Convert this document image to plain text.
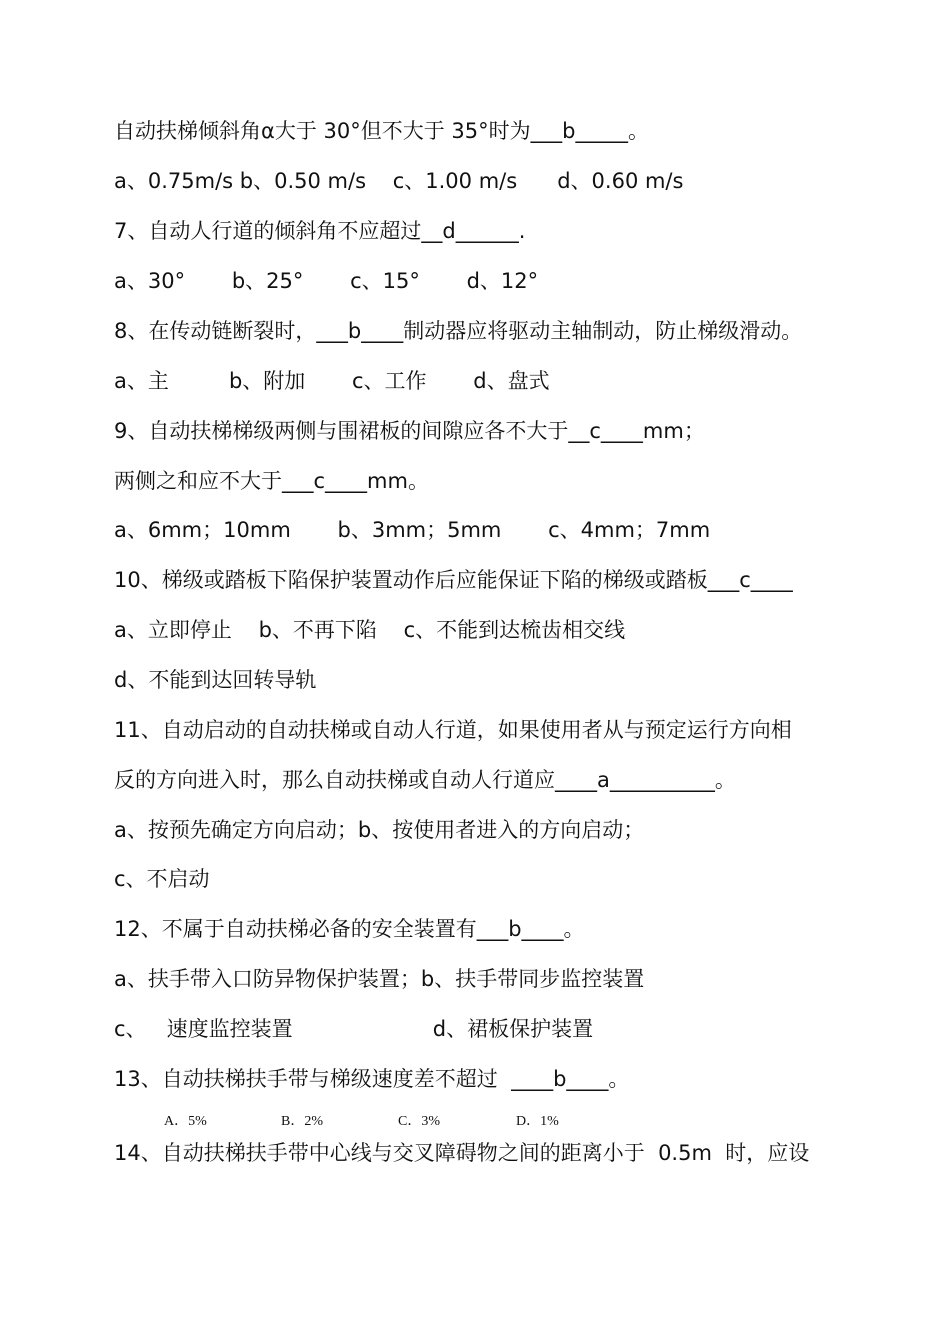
自动扶梯倾斜角α大于 30°但不大于 35°时为___b_____。
a、0.75m/s b、0.50 m/s    c、1.00 m/s      d、0.60 m/s
7、自动人行道的倾斜角不应超过__d______.
a、30°       b、25°       c、15°       d、12°
8、在传动链断裂时，___b____制动器应将驱动主轴制动，防止梯级滑动。
a、主         b、附加       c、工作       d、盘式
9、自动扶梯梯级两侧与围裙板的间隙应各不大于__c____mm；
两侧之和应不大于___c____mm。
a、6mm；10mm       b、3mm；5mm       c、4mm；7mm
10、梯级或踏板下陷保护装置动作后应能保证下陷的梯级或踏板___c____
a、立即停止    b、不再下陷    c、不能到达梳齿相交线
d、不能到达回转导轨
11、自动启动的自动扶梯或自动人行道，如果使用者从与预定运行方向相
反的方向进入时，那么自动扶梯或自动人行道应____a__________。
a、按预先确定方向启动；b、按使用者进入的方向启动；
c、不启动
12、不属于自动扶梯必备的安全装置有___b____。
a、扶手带入口防异物保护装置；b、扶手带同步监控装置
c、   速度监控装置                     d、裙板保护装置
13、自动扶梯扶手带与梯级速度差不超过  ____b____。

A．5%

	B．2%

	C．3%

	D．1%

14、自动扶梯扶手带中心线与交叉障碍物之间的距离小于  0.5m  时，应设
